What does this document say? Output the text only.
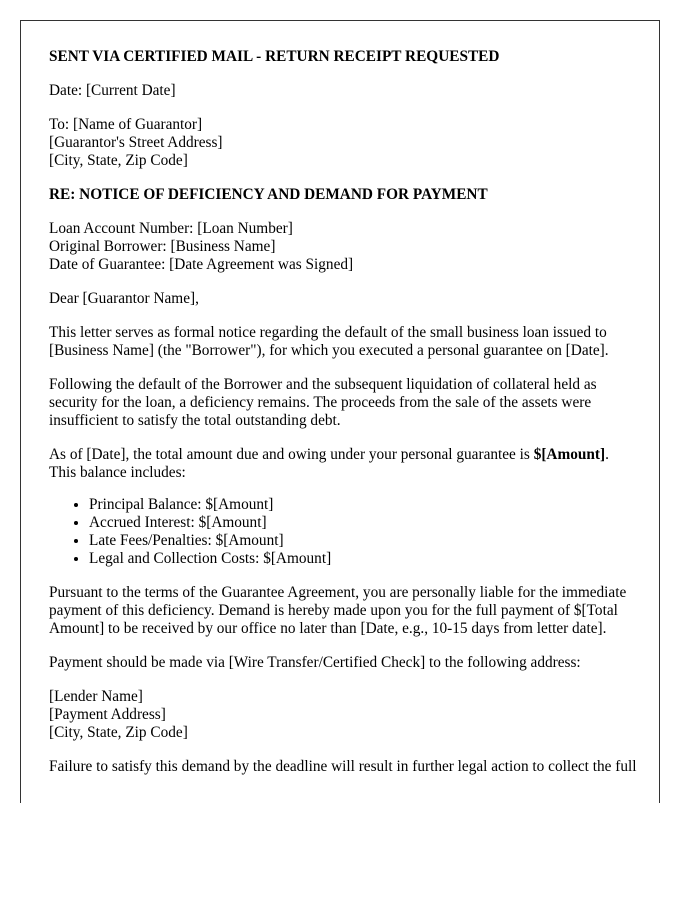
SENT VIA CERTIFIED MAIL - RETURN RECEIPT REQUESTED

Date: [Current Date]

To: [Name of Guarantor]
[Guarantor's Street Address]
[City, State, Zip Code]

RE: NOTICE OF DEFICIENCY AND DEMAND FOR PAYMENT

Loan Account Number: [Loan Number]
Original Borrower: [Business Name]
Date of Guarantee: [Date Agreement was Signed]

Dear [Guarantor Name],

This letter serves as formal notice regarding the default of the small business loan issued to [Business Name] (the "Borrower"), for which you executed a personal guarantee on [Date].

Following the default of the Borrower and the subsequent liquidation of collateral held as security for the loan, a deficiency remains. The proceeds from the sale of the assets were insufficient to satisfy the total outstanding debt.

As of [Date], the total amount due and owing under your personal guarantee is $[Amount]. This balance includes:

• Principal Balance: $[Amount]
• Accrued Interest: $[Amount]
• Late Fees/Penalties: $[Amount]
• Legal and Collection Costs: $[Amount]

Pursuant to the terms of the Guarantee Agreement, you are personally liable for the immediate payment of this deficiency. Demand is hereby made upon you for the full payment of $[Total Amount] to be received by our office no later than [Date, e.g., 10-15 days from letter date].

Payment should be made via [Wire Transfer/Certified Check] to the following address:

[Lender Name]
[Payment Address]
[City, State, Zip Code]

Failure to satisfy this demand by the deadline will result in further legal action to collect the full
